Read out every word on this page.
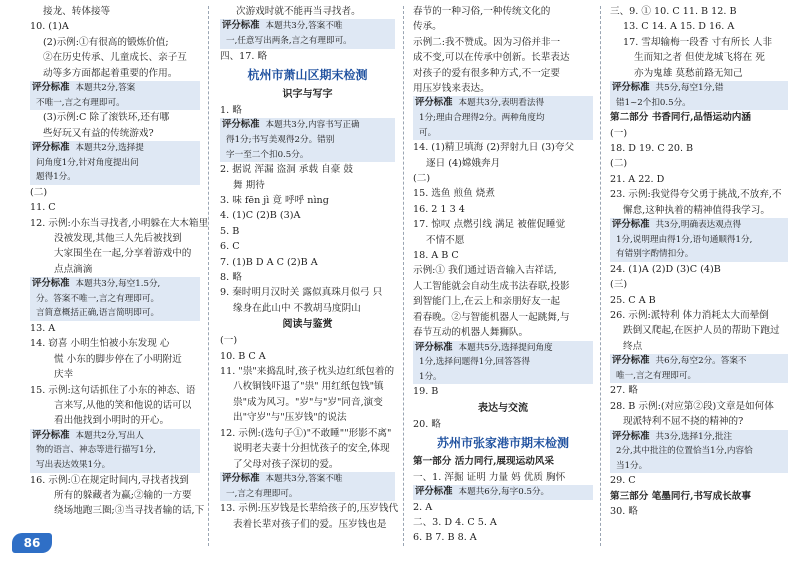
接龙、转体接等
10. (1)A
(2)示例:①有很高的锻炼价值;
②在历史传承、儿童成长、亲子互
动等多方面都起着重要的作用。
评分标准 本题共2分,答案
不唯一,言之有理即可。
(3)示例:C 除了滚铁环,还有哪
些好玩又有益的传统游戏?
评分标准 本题共2分,选择提
问角度1分,针对角度提出问
题得1分。
(二)
11. C
12. 示例:小东当寻找者,小明躲在大木箱里
没被发现,其他三人先后被找到
大家围坐在一起,分享着游戏中的
点点滴滴
评分标准 本题共3分,每空1.5分,
分。答案不唯一,言之有理即可。
言简意概括正确,语言简明即可。
13. A
14. 窃喜 小明生怕被小东发现 心
慌 小东的脚步停在了小明附近
庆幸
15. 示例:这句话抓住了小东的神态、语
言来写,从他的笑和他说的话可以
看出他找到小明时的开心。
评分标准 本题共2分,写出人
物的语言、神态等进行描写1分,
写出表达效果1分。
16. 示例:①在规定时间内,寻找者找到
所有的躲藏者为赢;②输的一方要
绕场地跑三圈;③当寻找者输的话,下
次游戏时就不能再当寻找者。
评分标准 本题共3分,答案不唯
一,任意写出两条,言之有理即可。
四、17. 略
杭州市萧山区期末检测
识字与写字
1. 略
评分标准 本题共3分,内容书写正确
得1分;书写美观得2分。错别
字一至二个扣0.5分。
2. 据说 浑漏 盗洞 承载 自豪 鼓
舞 期待
3. 味 fēn jì 竟 呼呼 nìng
4. (1)C (2)B (3)A
5. B
6. C
7. (1)B D A C (2)B A
8. 略
9. 秦时明月汉时关 露似真珠月似弓 只
缘身在此山中 不教胡马度阴山
阅读与鉴赏
(一)
10. B C A
11. "祟"来捣乱时,孩子枕头边红纸包着的
八枚铜钱吓退了"祟" 用红纸包钱"镇
祟"成为风习。"岁"与"岁"同音,演变
出"守岁"与"压岁钱"的说法
12. 示例:(选句子①)"不敢睡""形影不离"
说明老夫妻十分担忧孩子的安全,体现
了父母对孩子深切的爱。
评分标准 本题共3分,答案不唯
一,言之有理即可。
13. 示例:压岁钱是长辈给孩子的,压岁钱代
表着长辈对孩子们的爱。压岁钱也是
春节的一种习俗,一种传统文化的
传承。
示例二:我不赞成。因为习俗并非一
成不变,可以在传承中创新。长辈表达
对孩子的爱有很多种方式,不一定要
用压岁钱来表达。
评分标准 本题共3分,表明看法得
1分;理由合理得2分。两种角度均
可。
14. (1)精卫填海 (2)羿射九日 (3)夸父
逐日 (4)嫦娥奔月
(二)
15. 选鱼 煎鱼 烧煮
16. 2 1 3 4
17. 惊叹 点燃引线 满足 被催促睡觉
不情不愿
18. A B C
示例:① 我们通过语音输入吉祥话,
人工智能就会自动生成书法春联,投影
到智能门上,在云上和亲朋好友一起
看春晚。②与智能机器人一起跳舞,与
春节互动的机器人舞狮队。
评分标准 本题共5分,选择提问角度
1分,选择问题得1分,回答答得
1分。
19. B
表达与交流
20. 略
苏州市张家港市期末检测
第一部分 活力同行,展现运动风采
一、1. 浑掘 证明 力量 妈 优质 胸怀
评分标准 本题共6分,每字0.5分。
2. A
二、3. D 4. C 5. A
6. B 7. B 8. A
三、9. ① 10. C 11. B 12. B
13. C 14. A 15. D 16. A
17. 雪却输梅一段香 寸有所长 人非
生而知之者 但使龙城飞将在 死
亦为鬼雄 莫愁前路无知己
评分标准 共5分,每空1分,错
错1~2个扣0.5分。
第二部分 书香同行,品悟运动内涵
(一)
18. D 19. C 20. B
(二)
21. A 22. D
23. 示例:我觉得夸父勇于挑战,不放弃,不
懈怠,这种执着的精神值得我学习。
评分标准 共3分,明确表达观点得
1分,说明理由得1分,语句通顺得1分,
有错别字酌情扣分。
24. (1)A (2)D (3)C (4)B
(三)
25. C A B
26. 示例:派特利 体力消耗太大而晕倒
跌倒又爬起,在医护人员的帮助下跑过
终点
评分标准 共6分,每空2分。答案不
唯一,言之有理即可。
27. 略
28. B 示例:(对应第②段)文章是如何体
现派特利不屈不挠的精神的?
评分标准 共3分,选择1分,批注
2分,其中批注的位置恰当1分,内容恰
当1分。
29. C
第三部分 笔墨同行,书写成长故事
30. 略
86
